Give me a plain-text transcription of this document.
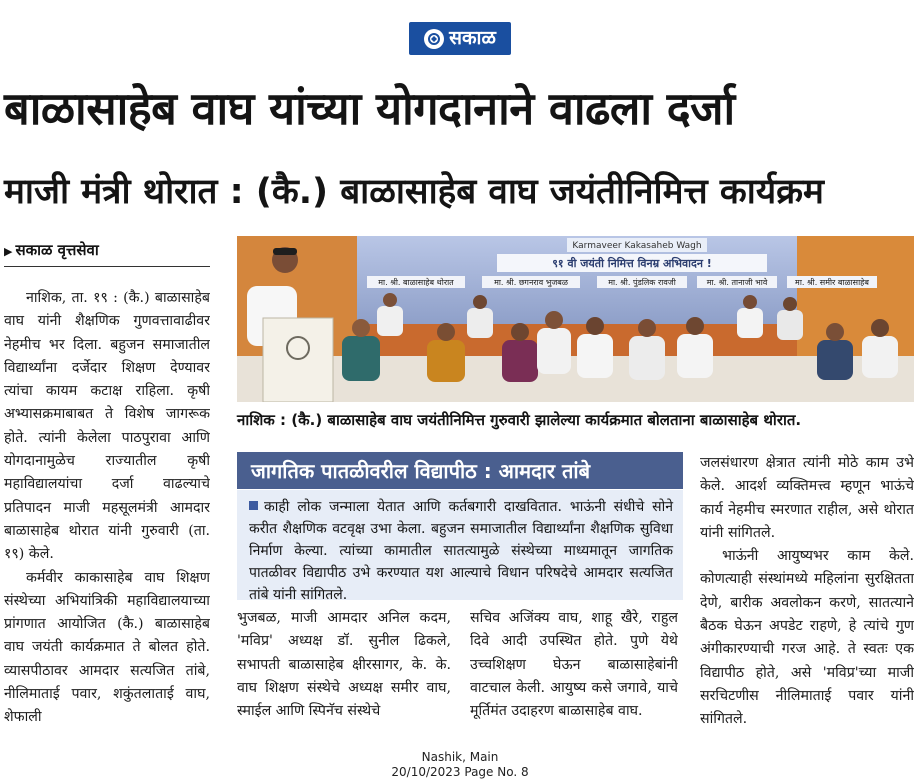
सकाळ
बाळासाहेब वाघ यांच्या योगदानाने वाढला दर्जा
माजी मंत्री थोरात : (कै.) बाळासाहेब वाघ जयंतीनिमित्त कार्यक्रम
▶ सकाळ वृत्तसेवा

नाशिक, ता. १९ : (कै.) बाळासाहेब वाघ यांनी शैक्षणिक गुणवत्तावाढीवर नेहमीच भर दिला. बहुजन समाजातील विद्यार्थ्यांना दर्जेदार शिक्षण देण्यावर त्यांचा कायम कटाक्ष राहिला. कृषी अभ्यासक्रमाबाबत ते विशेष जागरूक होते. त्यांनी केलेला पाठपुरावा आणि योगदानामुळेच राज्यातील कृषी महाविद्यालयांचा दर्जा वाढल्याचे प्रतिपादन माजी महसूलमंत्री आमदार बाळासाहेब थोरात यांनी गुरुवारी (ता. १९) केले.

कर्मवीर काकासाहेब वाघ शिक्षण संस्थेच्या अभियांत्रिकी महाविद्यालयाच्या प्रांगणात आयोजित (कै.) बाळासाहेब वाघ जयंती कार्यक्रमात ते बोलत होते. व्यासपीठावर आमदार सत्यजित तांबे, नीलिमाताई पवार, शकुंतलाताई वाघ, शेफाली

Karmaveer Kakasaheb Wagh
९१ वी जयंती निमित्त विनम्र अभिवादन !
मा. श्री. बाळासाहेब थोरात	मा. श्री. छगनराव भुजबळ	मा. श्री. पुंडलिक रावजी	मा. श्री. तानाजी भावे	मा. श्री. समीर बाळासाहेब
नाशिक : (कै.) बाळासाहेब वाघ जयंतीनिमित्त गुरुवारी झालेल्या कार्यक्रमात बोलताना बाळासाहेब थोरात.
जागतिक पातळीवरील विद्यापीठ : आमदार तांबे
काही लोक जन्माला येतात आणि कर्तबगारी दाखवितात. भाऊंनी संधीचे सोने करीत शैक्षणिक वटवृक्ष उभा केला. बहुजन समाजातील विद्यार्थ्यांना शैक्षणिक सुविधा निर्माण केल्या. त्यांच्या कामातील सातत्यामुळे संस्थेच्या माध्यमातून जागतिक पातळीवर विद्यापीठ उभे करण्यात यश आल्याचे विधान परिषदेचे आमदार सत्यजित तांबे यांनी सांगितले.

भुजबळ, माजी आमदार अनिल कदम, 'मविप्र' अध्यक्ष डॉ. सुनील ढिकले, सभापती बाळासाहेब क्षीरसागर, के. के. वाघ शिक्षण संस्थेचे अध्यक्ष समीर वाघ, स्माईल आणि स्पिनॅच संस्थेचे

सचिव अजिंक्य वाघ, शाहू खैरे, राहुल दिवे आदी उपस्थित होते. पुणे येथे उच्चशिक्षण घेऊन बाळासाहेबांनी वाटचाल केली. आयुष्य कसे जगावे, याचे मूर्तिमंत उदाहरण बाळासाहेब वाघ.

जलसंधारण क्षेत्रात त्यांनी मोठे काम उभे केले. आदर्श व्यक्तिमत्त्व म्हणून भाऊंचे कार्य नेहमीच स्मरणात राहील, असे थोरात यांनी सांगितले.

भाऊंनी आयुष्यभर काम केले. कोणत्याही संस्थांमध्ये महिलांना सुरक्षितता देणे, बारीक अवलोकन करणे, सातत्याने बैठक घेऊन अपडेट राहणे, हे त्यांचे गुण अंगीकारण्याची गरज आहे. ते स्वतः एक विद्यापीठ होते, असे 'मविप्र'च्या माजी सरचिटणीस नीलिमाताई पवार यांनी सांगितले.

Nashik, Main
20/10/2023 Page No. 8
